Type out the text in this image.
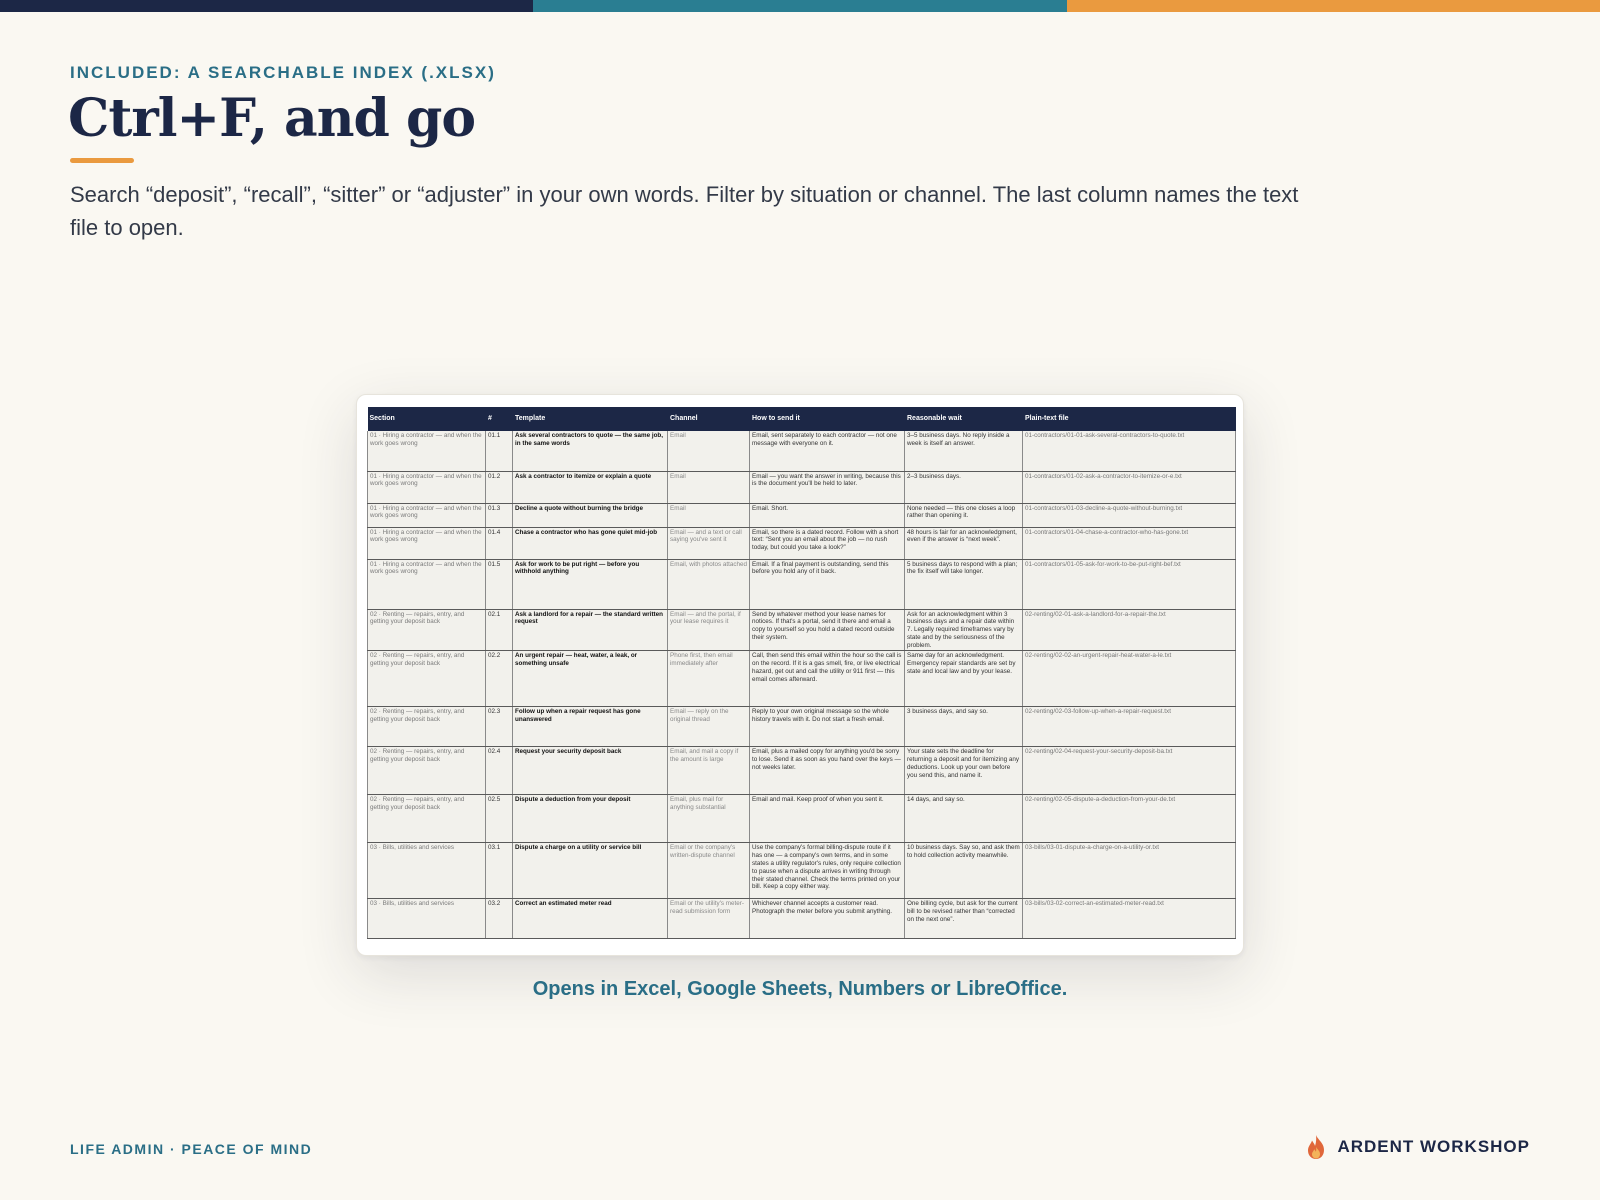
INCLUDED: A SEARCHABLE INDEX (.XLSX)
Ctrl+F, and go

Search “deposit”, “recall”, “sitter” or “adjuster” in your own words. Filter by situation or channel. The last column names the text file to open.

Section	#	Template	Channel	How to send it	Reasonable wait	Plain-text file
01 · Hiring a contractor — and when the work goes wrong	01.1	Ask several contractors to quote — the same job, in the same words	Email	Email, sent separately to each contractor — not one message with everyone on it.	3–5 business days. No reply inside a week is itself an answer.	01-contractors/01-01-ask-several-contractors-to-quote.txt
01 · Hiring a contractor — and when the work goes wrong	01.2	Ask a contractor to itemize or explain a quote	Email	Email — you want the answer in writing, because this is the document you'll be held to later.	2–3 business days.	01-contractors/01-02-ask-a-contractor-to-itemize-or-e.txt
01 · Hiring a contractor — and when the work goes wrong	01.3	Decline a quote without burning the bridge	Email	Email. Short.	None needed — this one closes a loop rather than opening it.	01-contractors/01-03-decline-a-quote-without-burning.txt
01 · Hiring a contractor — and when the work goes wrong	01.4	Chase a contractor who has gone quiet mid-job	Email — and a text or call saying you've sent it	Email, so there is a dated record. Follow with a short text: “Sent you an email about the job — no rush today, but could you take a look?”	48 hours is fair for an acknowledgment, even if the answer is “next week”.	01-contractors/01-04-chase-a-contractor-who-has-gone.txt
01 · Hiring a contractor — and when the work goes wrong	01.5	Ask for work to be put right — before you withhold anything	Email, with photos attached	Email. If a final payment is outstanding, send this before you hold any of it back.	5 business days to respond with a plan; the fix itself will take longer.	01-contractors/01-05-ask-for-work-to-be-put-right-bef.txt
02 · Renting — repairs, entry, and getting your deposit back	02.1	Ask a landlord for a repair — the standard written request	Email — and the portal, if your lease requires it	Send by whatever method your lease names for notices. If that's a portal, send it there and email a copy to yourself so you hold a dated record outside their system.	Ask for an acknowledgment within 3 business days and a repair date within 7. Legally required timeframes vary by state and by the seriousness of the problem.	02-renting/02-01-ask-a-landlord-for-a-repair-the.txt
02 · Renting — repairs, entry, and getting your deposit back	02.2	An urgent repair — heat, water, a leak, or something unsafe	Phone first, then email immediately after	Call, then send this email within the hour so the call is on the record. If it is a gas smell, fire, or live electrical hazard, get out and call the utility or 911 first — this email comes afterward.	Same day for an acknowledgment. Emergency repair standards are set by state and local law and by your lease.	02-renting/02-02-an-urgent-repair-heat-water-a-le.txt
02 · Renting — repairs, entry, and getting your deposit back	02.3	Follow up when a repair request has gone unanswered	Email — reply on the original thread	Reply to your own original message so the whole history travels with it. Do not start a fresh email.	3 business days, and say so.	02-renting/02-03-follow-up-when-a-repair-request.txt
02 · Renting — repairs, entry, and getting your deposit back	02.4	Request your security deposit back	Email, and mail a copy if the amount is large	Email, plus a mailed copy for anything you'd be sorry to lose. Send it as soon as you hand over the keys — not weeks later.	Your state sets the deadline for returning a deposit and for itemizing any deductions. Look up your own before you send this, and name it.	02-renting/02-04-request-your-security-deposit-ba.txt
02 · Renting — repairs, entry, and getting your deposit back	02.5	Dispute a deduction from your deposit	Email, plus mail for anything substantial	Email and mail. Keep proof of when you sent it.	14 days, and say so.	02-renting/02-05-dispute-a-deduction-from-your-de.txt
03 · Bills, utilities and services	03.1	Dispute a charge on a utility or service bill	Email or the company's written-dispute channel	Use the company's formal billing-dispute route if it has one — a company's own terms, and in some states a utility regulator's rules, only require collection to pause when a dispute arrives in writing through their stated channel. Check the terms printed on your bill. Keep a copy either way.	10 business days. Say so, and ask them to hold collection activity meanwhile.	03-bills/03-01-dispute-a-charge-on-a-utility-or.txt
03 · Bills, utilities and services	03.2	Correct an estimated meter read	Email or the utility's meter-read submission form	Whichever channel accepts a customer read. Photograph the meter before you submit anything.	One billing cycle, but ask for the current bill to be revised rather than “corrected on the next one”.	03-bills/03-02-correct-an-estimated-meter-read.txt
Opens in Excel, Google Sheets, Numbers or LibreOffice.
LIFE ADMIN · PEACE OF MIND	ARDENT WORKSHOP
